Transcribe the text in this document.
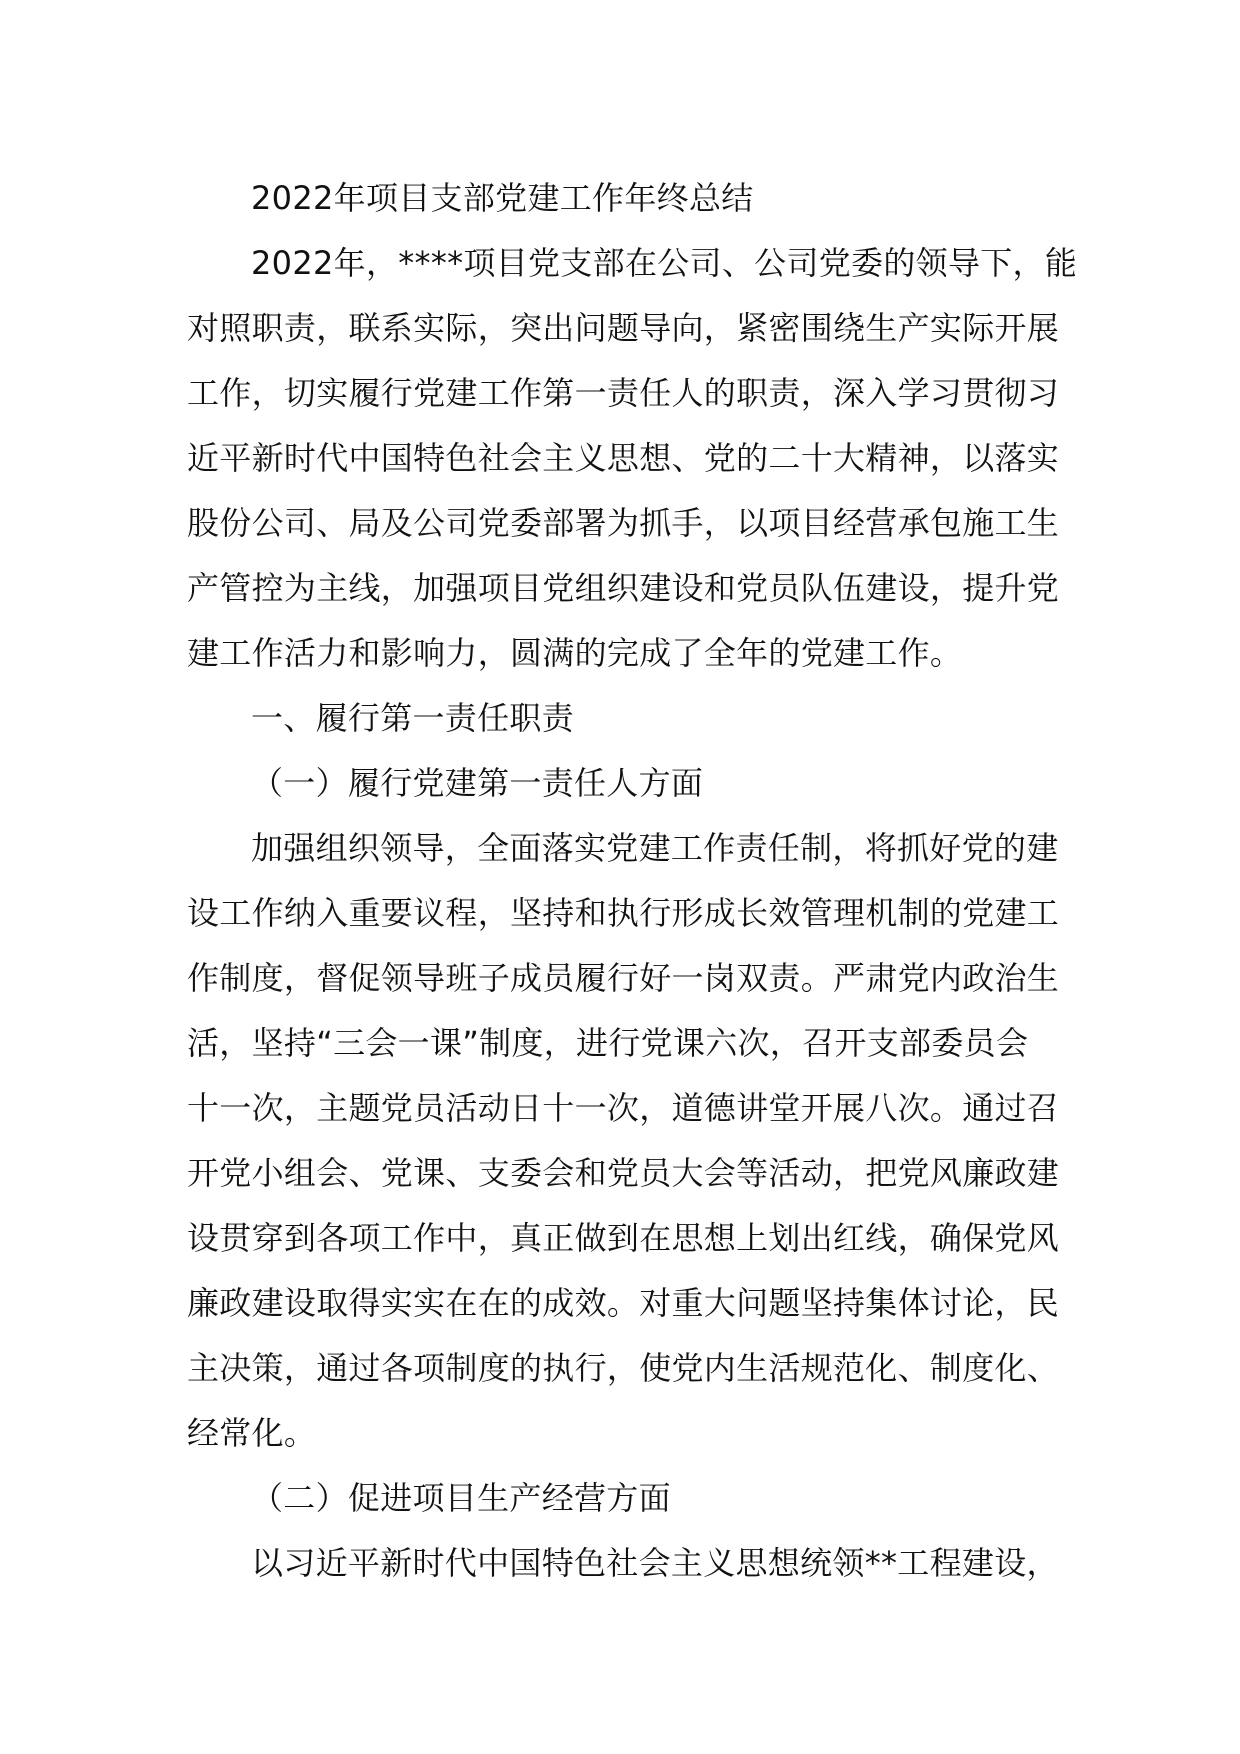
2022年项目支部党建工作年终总结
2022年，****项目党支部在公司、公司党委的领导下，能
对照职责，联系实际，突出问题导向，紧密围绕生产实际开展
工作，切实履行党建工作第一责任人的职责，深入学习贯彻习
近平新时代中国特色社会主义思想、党的二十大精神，以落实
股份公司、局及公司党委部署为抓手，以项目经营承包施工生
产管控为主线，加强项目党组织建设和党员队伍建设，提升党
建工作活力和影响力，圆满的完成了全年的党建工作。
一、履行第一责任职责
（一）履行党建第一责任人方面
加强组织领导，全面落实党建工作责任制，将抓好党的建
设工作纳入重要议程，坚持和执行形成长效管理机制的党建工
作制度，督促领导班子成员履行好一岗双责。严肃党内政治生
活，坚持“三会一课”制度，进行党课六次，召开支部委员会
十一次，主题党员活动日十一次，道德讲堂开展八次。通过召
开党小组会、党课、支委会和党员大会等活动，把党风廉政建
设贯穿到各项工作中，真正做到在思想上划出红线，确保党风
廉政建设取得实实在在的成效。对重大问题坚持集体讨论，民
主决策，通过各项制度的执行，使党内生活规范化、制度化、
经常化。
（二）促进项目生产经营方面
以习近平新时代中国特色社会主义思想统领**工程建设，
